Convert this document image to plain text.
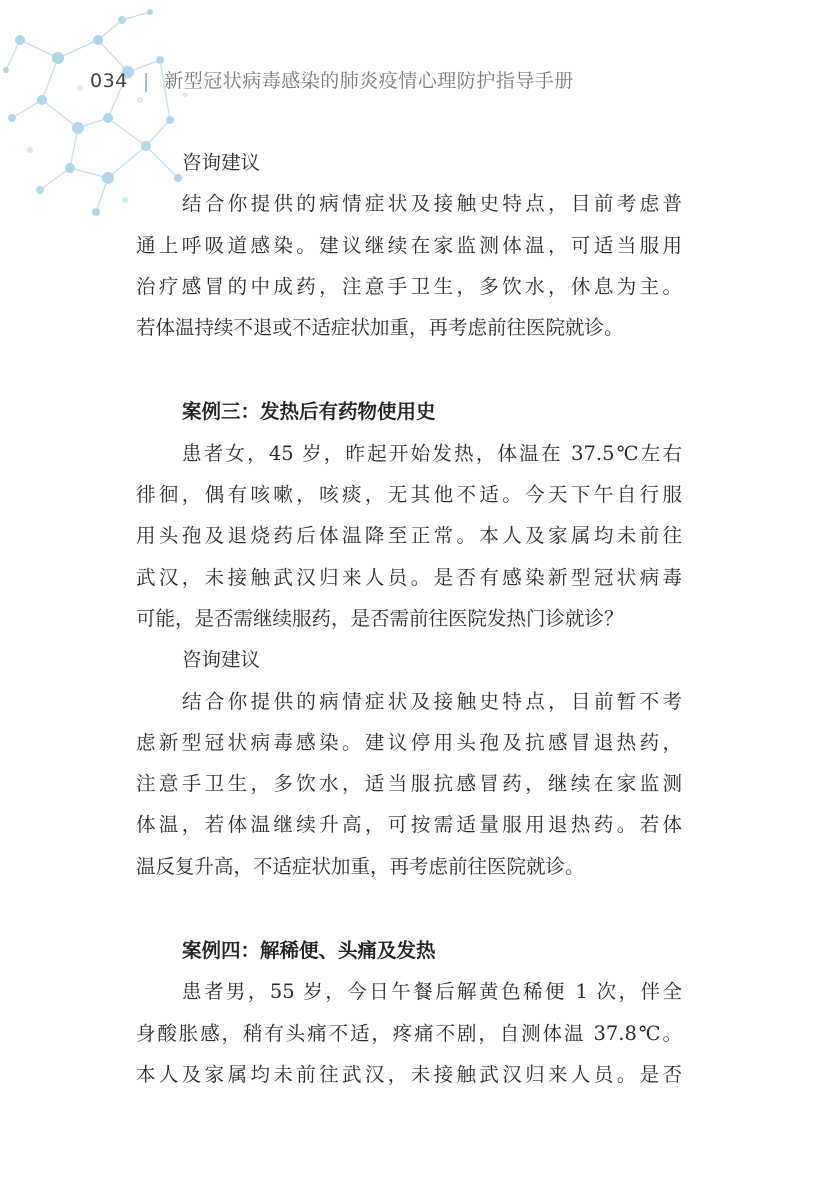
034 | 新型冠状病毒感染的肺炎疫情心理防护指导手册
咨询建议
结合你提供的病情症状及接触史特点，目前考虑普
通上呼吸道感染。建议继续在家监测体温，可适当服用
治疗感冒的中成药，注意手卫生，多饮水，休息为主。
若体温持续不退或不适症状加重，再考虑前往医院就诊。
案例三：发热后有药物使用史
患者女，45 岁，昨起开始发热，体温在 37.5℃左右
徘徊，偶有咳嗽，咳痰，无其他不适。今天下午自行服
用头孢及退烧药后体温降至正常。本人及家属均未前往
武汉，未接触武汉归来人员。是否有感染新型冠状病毒
可能，是否需继续服药，是否需前往医院发热门诊就诊？
咨询建议
结合你提供的病情症状及接触史特点，目前暂不考
虑新型冠状病毒感染。建议停用头孢及抗感冒退热药，
注意手卫生，多饮水，适当服抗感冒药，继续在家监测
体温，若体温继续升高，可按需适量服用退热药。若体
温反复升高，不适症状加重，再考虑前往医院就诊。
案例四：解稀便、头痛及发热
患者男，55 岁，今日午餐后解黄色稀便 1 次，伴全
身酸胀感，稍有头痛不适，疼痛不剧，自测体温 37.8℃。
本人及家属均未前往武汉，未接触武汉归来人员。是否
